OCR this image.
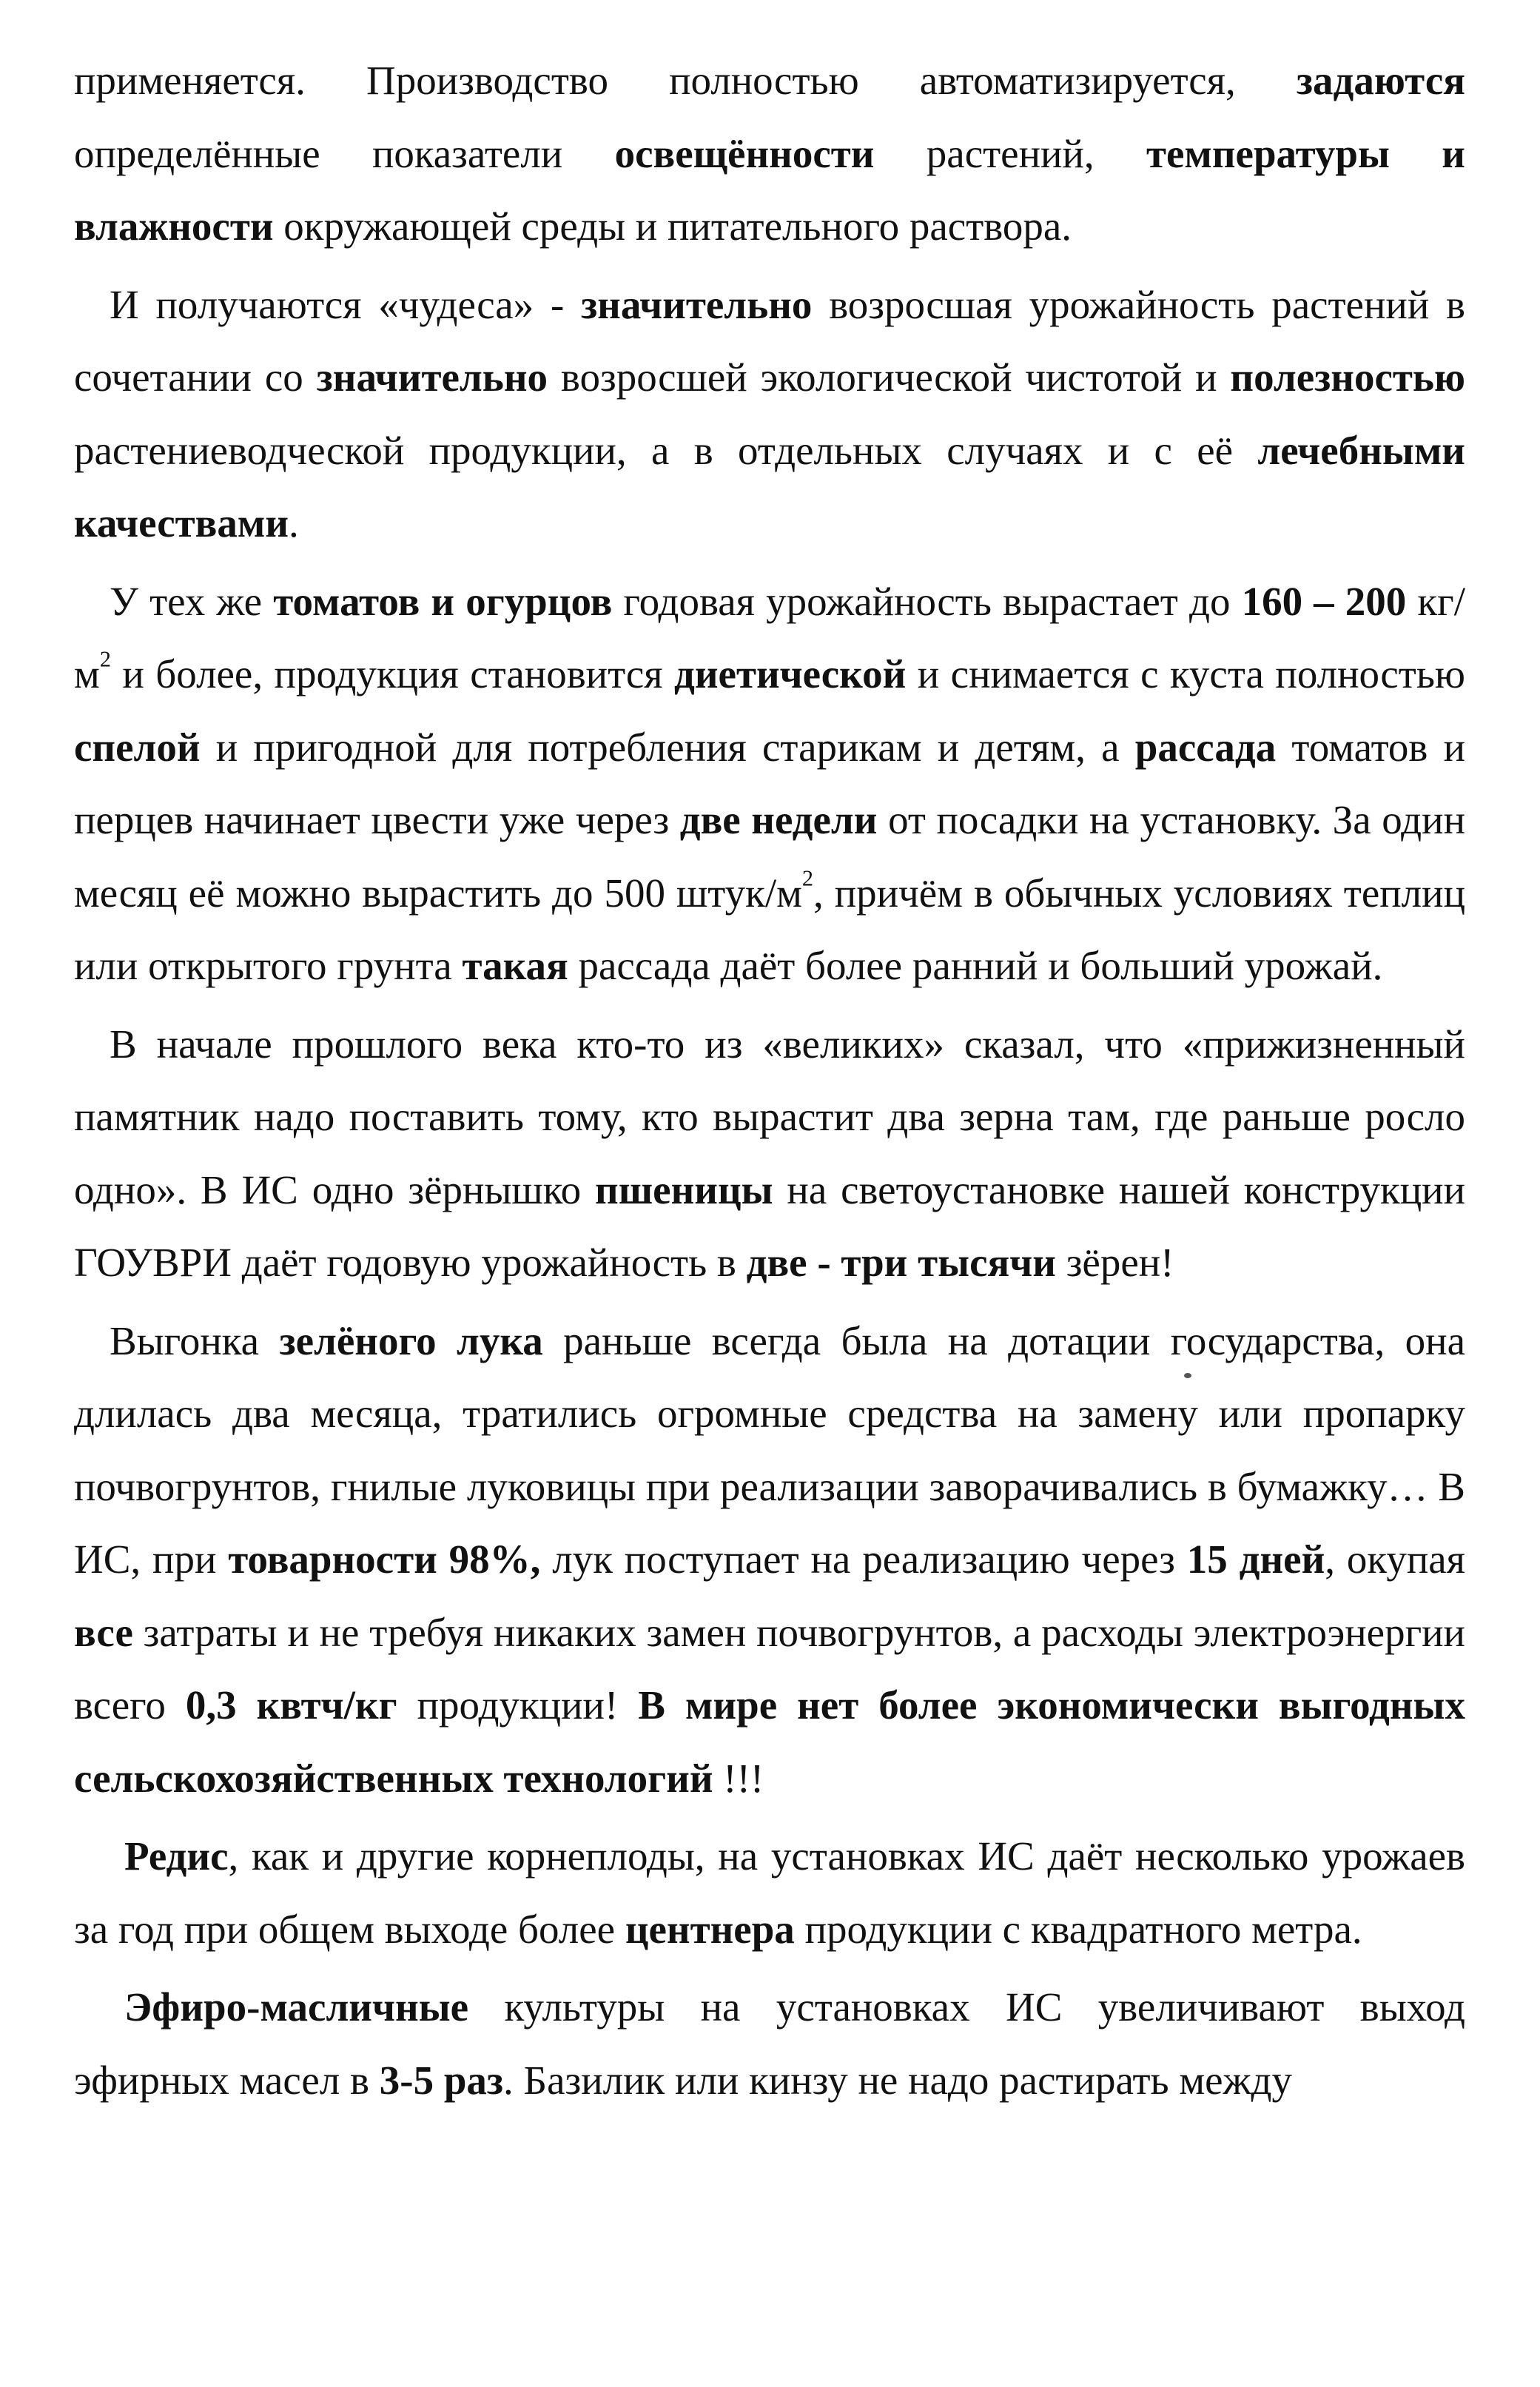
применяется. Производство полностью автоматизируется, задаются определённые показатели освещённости растений, температуры и влажности окружающей среды и питательного раствора.

И получаются «чудеса» - значительно возросшая урожайность растений в сочетании со значительно возросшей экологической чистотой и полезностью растениеводческой продукции, а в отдельных случаях и с её лечебными качествами.

У тех же томатов и огурцов годовая урожайность вырастает до 160 – 200 $кг/м^2$ и более, продукция становится диетической и снимается с куста полностью спелой и пригодной для потребления старикам и детям, а рассада томатов и перцев начинает цвести уже через две недели от посадки на установку. За один месяц её можно вырастить до 500 штук/$м^2$, причём в обычных условиях теплиц или открытого грунта такая рассада даёт более ранний и больший урожай.

В начале прошлого века кто-то из «великих» сказал, что «прижизненный памятник надо поставить тому, кто вырастит два зерна там, где раньше росло одно». В ИС одно зёрнышко пшеницы на светоустановке нашей конструкции ГОУВРИ даёт годовую урожайность в две - три тысячи зёрен!

Выгонка зелёного лука раньше всегда была на дотации государства, она длилась два месяца, тратились огромные средства на замену или пропарку почвогрунтов, гнилые луковицы при реализации заворачивались в бумажку… В ИС, при товарности 98%, лук поступает на реализацию через 15 дней, окупая все затраты и не требуя никаких замен почвогрунтов, а расходы электроэнергии всего 0,3 квтч/кг продукции! В мире нет более экономически выгодных сельскохозяйственных технологий !!!

Редис, как и другие корнеплоды, на установках ИС даёт несколько урожаев за год при общем выходе более центнера продукции с квадратного метра.

Эфиро-масличные культуры на установках ИС увеличивают выход эфирных масел в 3-5 раз. Базилик или кинзу не надо растирать между
